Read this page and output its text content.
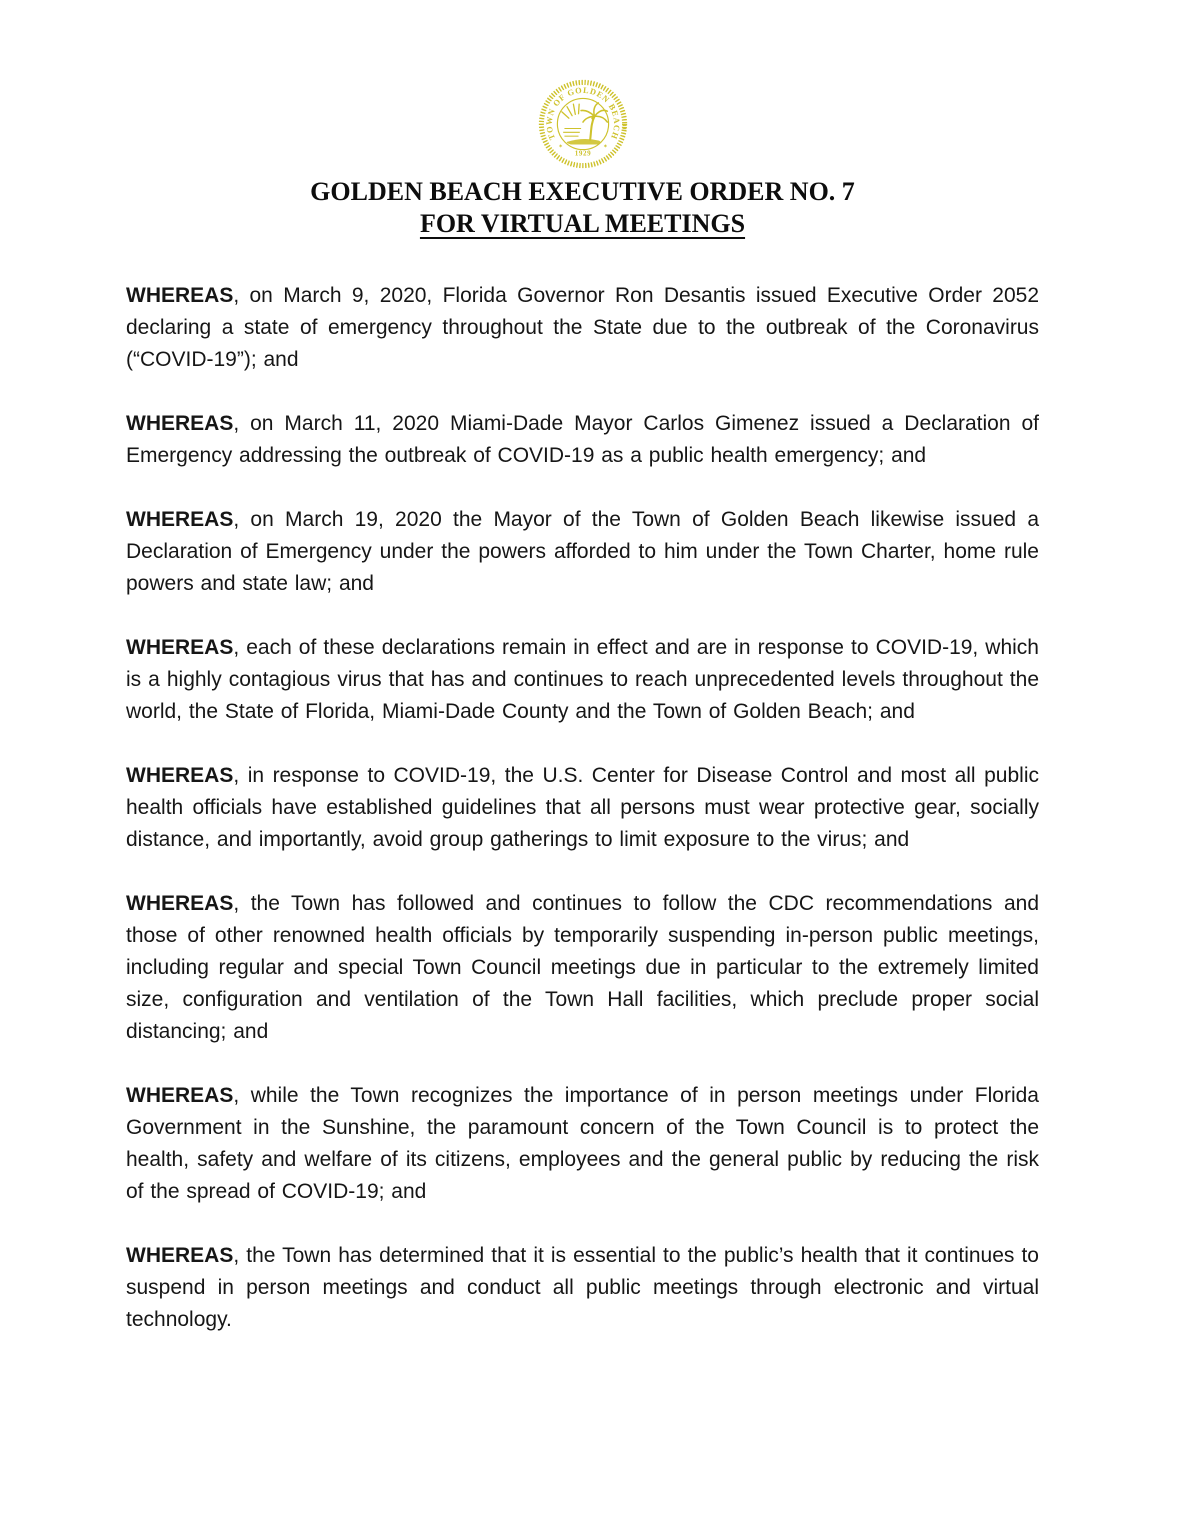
TOWN OF GOLDEN BEACH
✶	✶
1929
GOLDEN BEACH EXECUTIVE ORDER NO. 7
FOR VIRTUAL MEETINGS

WHEREAS, on March 9, 2020, Florida Governor Ron Desantis issued Executive Order 2052 declaring a state of emergency throughout the State due to the outbreak of the Coronavirus (“COVID-19”); and

WHEREAS, on March 11, 2020 Miami-Dade Mayor Carlos Gimenez issued a Declaration of Emergency addressing the outbreak of COVID-19 as a public health emergency; and

WHEREAS, on March 19, 2020 the Mayor of the Town of Golden Beach likewise issued a Declaration of Emergency under the powers afforded to him under the Town Charter, home rule powers and state law; and

WHEREAS, each of these declarations remain in effect and are in response to COVID-19, which is a highly contagious virus that has and continues to reach unprecedented levels throughout the world, the State of Florida, Miami-Dade County and the Town of Golden Beach; and

WHEREAS, in response to COVID-19, the U.S. Center for Disease Control and most all public health officials have established guidelines that all persons must wear protective gear, socially distance, and importantly, avoid group gatherings to limit exposure to the virus; and

WHEREAS, the Town has followed and continues to follow the CDC recommendations and those of other renowned health officials by temporarily suspending in-person public meetings, including regular and special Town Council meetings due in particular to the extremely limited size, configuration and ventilation of the Town Hall facilities, which preclude proper social distancing; and

WHEREAS, while the Town recognizes the importance of in person meetings under Florida Government in the Sunshine, the paramount concern of the Town Council is to protect the health, safety and welfare of its citizens, employees and the general public by reducing the risk of the spread of COVID-19; and

WHEREAS, the Town has determined that it is essential to the public’s health that it continues to suspend in person meetings and conduct all public meetings through electronic and virtual technology.
